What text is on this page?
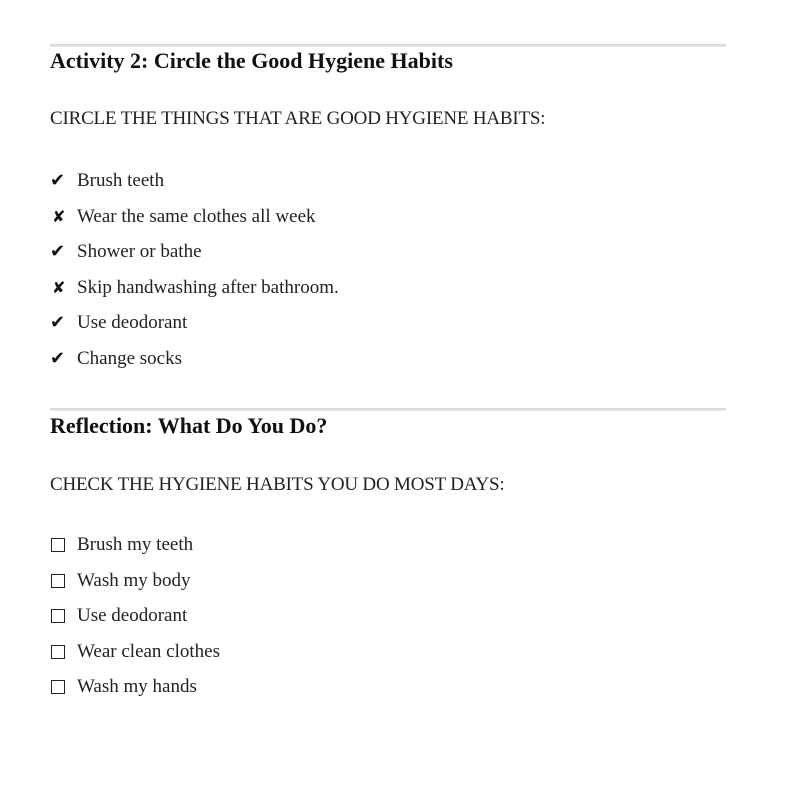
Activity 2: Circle the Good Hygiene Habits

CIRCLE THE THINGS THAT ARE GOOD HYGIENE HABITS:

✔ Brush teeth
✘ Wear the same clothes all week
✔ Shower or bathe
✘ Skip handwashing after bathroom.
✔ Use deodorant
✔ Change socks
Reflection: What Do You Do?

CHECK THE HYGIENE HABITS YOU DO MOST DAYS:

Brush my teeth
Wash my body
Use deodorant
Wear clean clothes
Wash my hands
